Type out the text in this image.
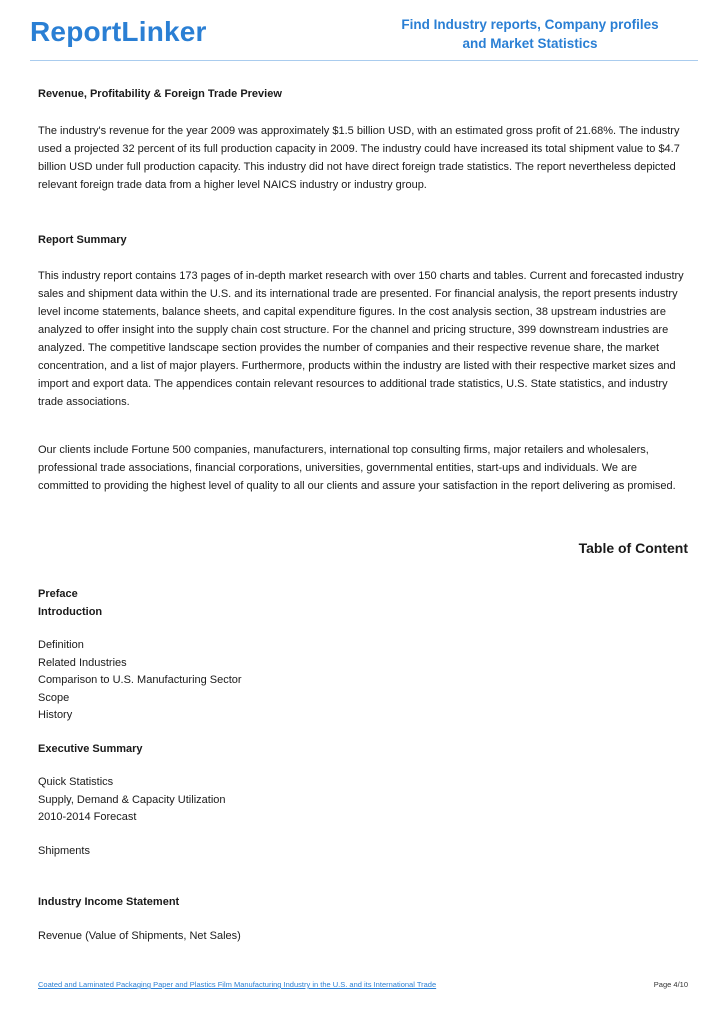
ReportLinker	Find Industry reports, Company profiles
and Market Statistics

Revenue, Profitability & Foreign Trade Preview

The industry's revenue for the year 2009 was approximately $1.5 billion USD, with an estimated gross profit of 21.68%. The industry used a projected 32 percent of its full production capacity in 2009. The industry could have increased its total shipment value to $4.7 billion USD under full production capacity. This industry did not have direct foreign trade statistics. The report nevertheless depicted relevant foreign trade data from a higher level NAICS industry or industry group.

Report Summary

This industry report contains 173 pages of in-depth market research with over 150 charts and tables. Current and forecasted industry sales and shipment data within the U.S. and its international trade are presented. For financial analysis, the report presents industry level income statements, balance sheets, and capital expenditure figures. In the cost analysis section, 38 upstream industries are analyzed to offer insight into the supply chain cost structure. For the channel and pricing structure, 399 downstream industries are analyzed. The competitive landscape section provides the number of companies and their respective revenue share, the market concentration, and a list of major players. Furthermore, products within the industry are listed with their respective market sizes and import and export data. The appendices contain relevant resources to additional trade statistics, U.S. State statistics, and industry trade associations.

Our clients include Fortune 500 companies, manufacturers, international top consulting firms, major retailers and wholesalers, professional trade associations, financial corporations, universities, governmental entities, start-ups and individuals. We are committed to providing the highest level of quality to all our clients and assure your satisfaction in the report delivering as promised.

Table of Content

Preface

Introduction

Definition

Related Industries

Comparison to U.S. Manufacturing Sector

Scope

History

Executive Summary

Quick Statistics

Supply, Demand & Capacity Utilization

2010-2014 Forecast

Shipments

Industry Income Statement

Revenue (Value of Shipments, Net Sales)

Coated and Laminated Packaging Paper and Plastics Film Manufacturing Industry in the U.S. and its International Trade	Page 4/10
